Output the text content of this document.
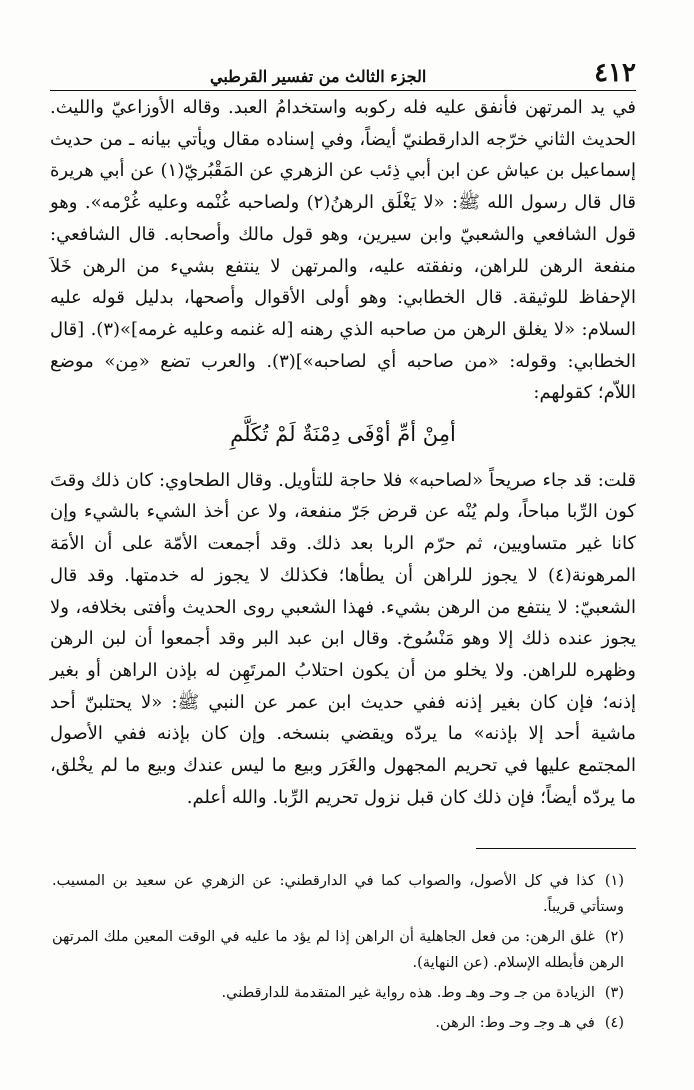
٤١٢
الجزء الثالث من تفسير القرطبي

في يد المرتهن فأنفق عليه فله ركوبه واستخدامُ العبد. وقاله الأوزاعيّ والليث. الحديث الثاني خرّجه الدارقطنيّ أيضاً، وفي إسناده مقال ويأتي بيانه ـ من حديث إسماعيل بن عياش عن ابن أبي ذِئب عن الزهري عن المَقْبُريّ(١) عن أبي هريرة قال قال رسول الله ﷺ: «لا يَغْلَق الرهنُ(٢) ولصاحبه غُنْمه وعليه غُرْمه». وهو قول الشافعي والشعبيّ وابن سيرين، وهو قول مالك وأصحابه. قال الشافعي: منفعة الرهن للراهن، ونفقته عليه، والمرتهن لا ينتفع بشيء من الرهن خَلاَ الإحفاظ للوثيقة. قال الخطابي: وهو أولى الأقوال وأصحها، بدليل قوله عليه السلام: «لا يغلق الرهن من صاحبه الذي رهنه [له غنمه وعليه غرمه]»(٣). [قال الخطابي: وقوله: «من صاحبه أي لصاحبه»](٣). والعرب تضع «مِن» موضع اللاّم؛ كقولهم:

أمِنْ أمِّ أوْفَى دِمْنَةٌ لَمْ تُكَلَّمِ

قلت: قد جاء صريحاً «لصاحبه» فلا حاجة للتأويل. وقال الطحاوي: كان ذلك وقتَ كون الرِّبا مباحاً، ولم يُنْه عن قرض جَرّ منفعة، ولا عن أخذ الشيء بالشيء وإن كانا غير متساويين، ثم حرّم الربا بعد ذلك. وقد أجمعت الأمّة على أن الأمَة المرهونة(٤) لا يجوز للراهن أن يطأها؛ فكذلك لا يجوز له خدمتها. وقد قال الشعبيّ: لا ينتفع من الرهن بشيء. فهذا الشعبي روى الحديث وأفتى بخلافه، ولا يجوز عنده ذلك إلا وهو مَنْسُوخ. وقال ابن عبد البر وقد أجمعوا أن لبن الرهن وظهره للراهن. ولا يخلو من أن يكون احتلابُ المرتَهِن له بإذن الراهن أو بغير إذنه؛ فإن كان بغير إذنه ففي حديث ابن عمر عن النبي ﷺ: «لا يحتلبنّ أحد ماشية أحد إلا بإذنه» ما يردّه ويقضي بنسخه. وإن كان بإذنه ففي الأصول المجتمع عليها في تحريم المجهول والغَرَر وبيع ما ليس عندك وبيع ما لم يخْلق، ما يردّه أيضاً؛ فإن ذلك كان قبل نزول تحريم الرِّبا. والله أعلم.

(١)كذا في كل الأصول، والصواب كما في الدارقطني: عن الزهري عن سعيد بن المسيب. وستأتي قريباً.

(٢)غلق الرهن: من فعل الجاهلية أن الراهن إذا لم يؤد ما عليه في الوقت المعين ملك المرتهن الرهن فأبطله الإسلام. (عن النهاية).

(٣)الزيادة من جـ وحـ وهـ وط. هذه رواية غير المتقدمة للدارقطني.

(٤)في هـ وجـ وحـ وط: الرهن.
